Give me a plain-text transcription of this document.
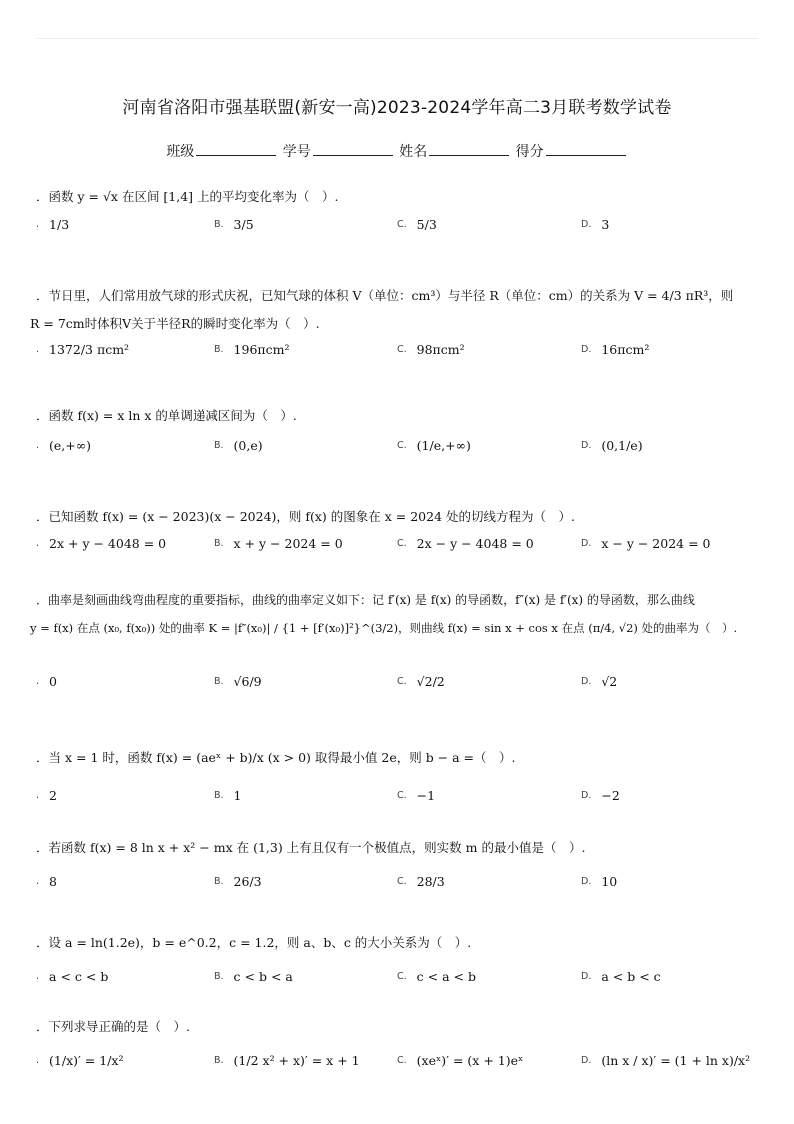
河南省洛阳市强基联盟(新安一高)2023-2024学年高二3月联考数学试卷
班级	学号	姓名	得分
．函数 y = √x 在区间 [1,4] 上的平均变化率为（　）.
. 1/3	B. 3/5	C. 5/3	D. 3
．节日里，人们常用放气球的形式庆祝，已知气球的体积 V（单位：cm³）与半径 R（单位：cm）的关系为 V = 4/3 πR³，则
R = 7cm时体积V关于半径R的瞬时变化率为（　）.
. 1372/3 πcm²	B. 196πcm²	C. 98πcm²	D. 16πcm²
．函数 f(x) = x ln x 的单调递减区间为（　）.
. (e,+∞)	B. (0,e)	C. (1/e,+∞)	D. (0,1/e)
．已知函数 f(x) = (x − 2023)(x − 2024)，则 f(x) 的图象在 x = 2024 处的切线方程为（　）.
. 2x + y − 4048 = 0	B. x + y − 2024 = 0	C. 2x − y − 4048 = 0	D. x − y − 2024 = 0
．曲率是刻画曲线弯曲程度的重要指标，曲线的曲率定义如下：记 f′(x) 是 f(x) 的导函数，f″(x) 是 f′(x) 的导函数，那么曲线
y = f(x) 在点 (x₀, f(x₀)) 处的曲率 K = |f″(x₀)| / {1 + [f′(x₀)]²}^(3/2)，则曲线 f(x) = sin x + cos x 在点 (π/4, √2) 处的曲率为（　）.
. 0	B. √6/9	C. √2/2	D. √2
．当 x = 1 时，函数 f(x) = (aeˣ + b)/x (x > 0) 取得最小值 2e，则 b − a =（　）.
. 2	B. 1	C. −1	D. −2
．若函数 f(x) = 8 ln x + x² − mx 在 (1,3) 上有且仅有一个极值点，则实数 m 的最小值是（　）.
. 8	B. 26/3	C. 28/3	D. 10
．设 a = ln(1.2e)，b = e^0.2，c = 1.2，则 a、b、c 的大小关系为（　）.
. a < c < b	B. c < b < a	C. c < a < b	D. a < b < c
．下列求导正确的是（　）.
. (1/x)′ = 1/x²	B. (1/2 x² + x)′ = x + 1	C. (xeˣ)′ = (x + 1)eˣ	D. (ln x / x)′ = (1 + ln x)/x²
